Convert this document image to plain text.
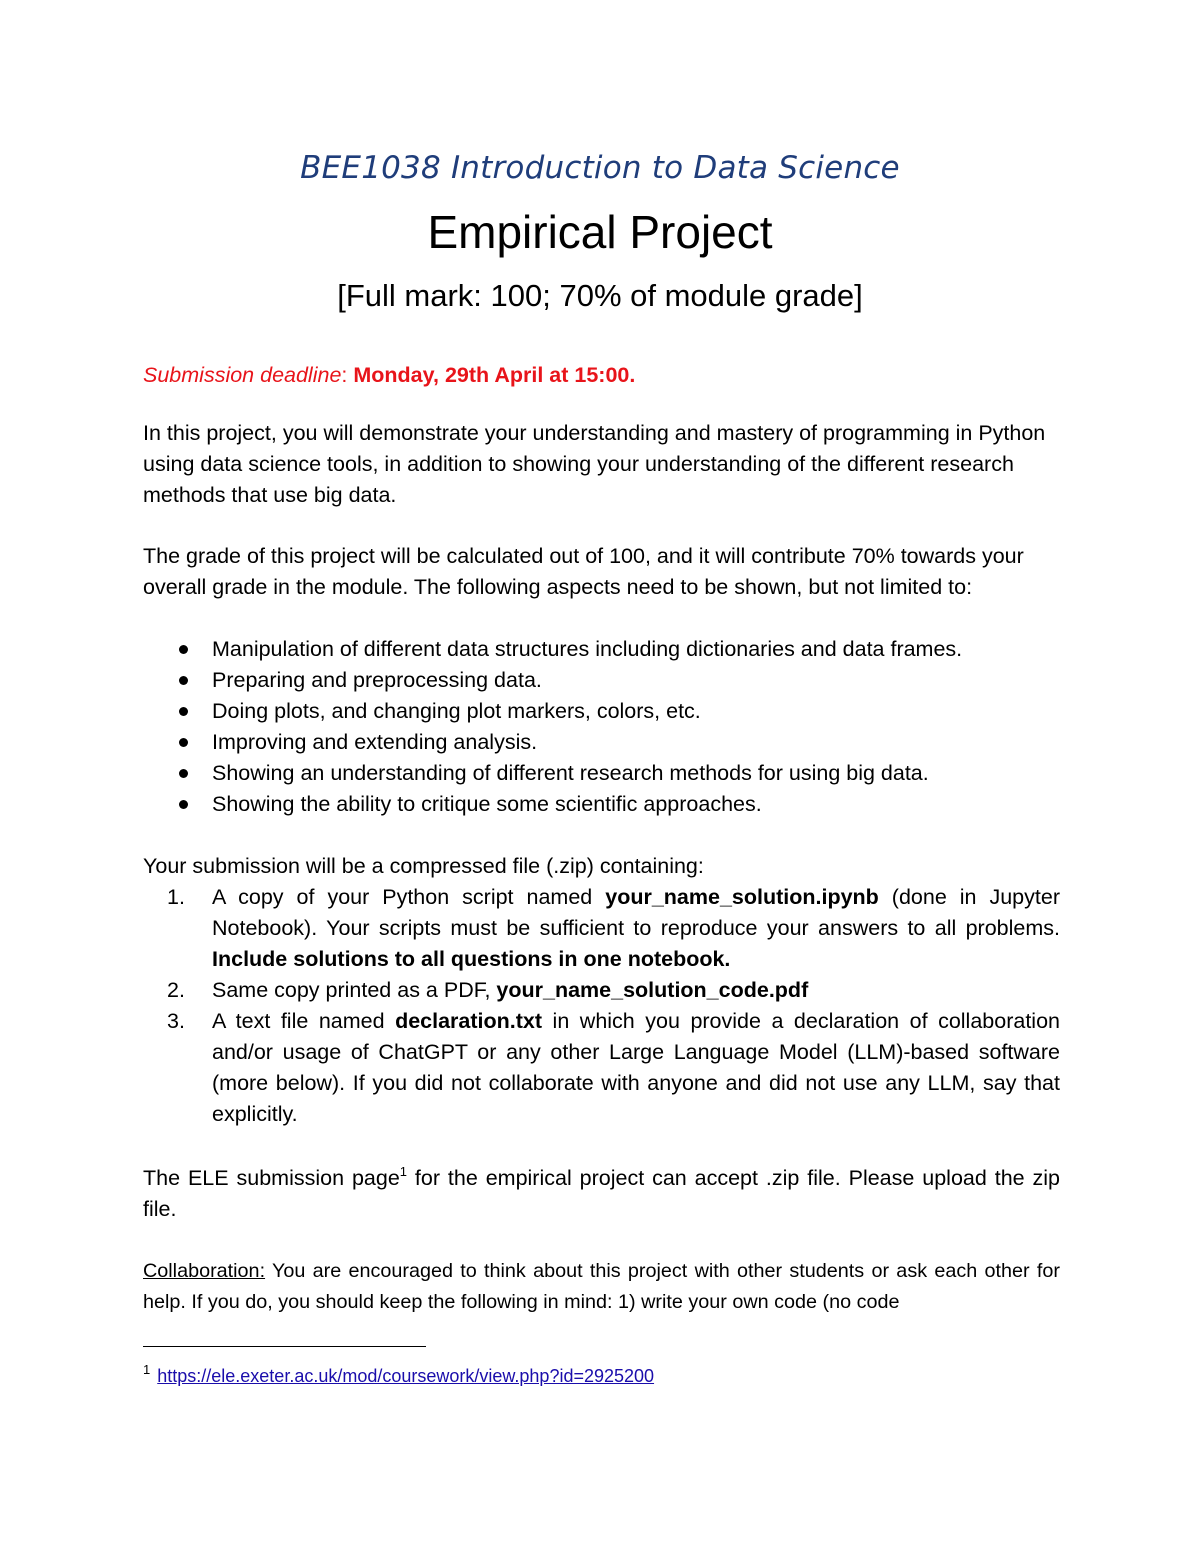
BEE1038 Introduction to Data Science
Empirical Project
[Full mark: 100; 70% of module grade]
Submission deadline: Monday, 29th April at 15:00.
In this project, you will demonstrate your understanding and mastery of programming in Python using data science tools, in addition to showing your understanding of the different research methods that use big data.
The grade of this project will be calculated out of 100, and it will contribute 70% towards your overall grade in the module. The following aspects need to be shown, but not limited to:
Manipulation of different data structures including dictionaries and data frames.
Preparing and preprocessing data.
Doing plots, and changing plot markers, colors, etc.
Improving and extending analysis.
Showing an understanding of different research methods for using big data.
Showing the ability to critique some scientific approaches.
Your submission will be a compressed file (.zip) containing:
1. A copy of your Python script named your_name_solution.ipynb (done in Jupyter Notebook). Your scripts must be sufficient to reproduce your answers to all problems. Include solutions to all questions in one notebook.
2. Same copy printed as a PDF, your_name_solution_code.pdf
3. A text file named declaration.txt in which you provide a declaration of collaboration and/or usage of ChatGPT or any other Large Language Model (LLM)-based software (more below). If you did not collaborate with anyone and did not use any LLM, say that explicitly.
The ELE submission page$^1$ for the empirical project can accept .zip file. Please upload the zip file.
Collaboration: You are encouraged to think about this project with other students or ask each other for help. If you do, you should keep the following in mind: 1) write your own code (no code
$^1$ https://ele.exeter.ac.uk/mod/coursework/view.php?id=2925200
